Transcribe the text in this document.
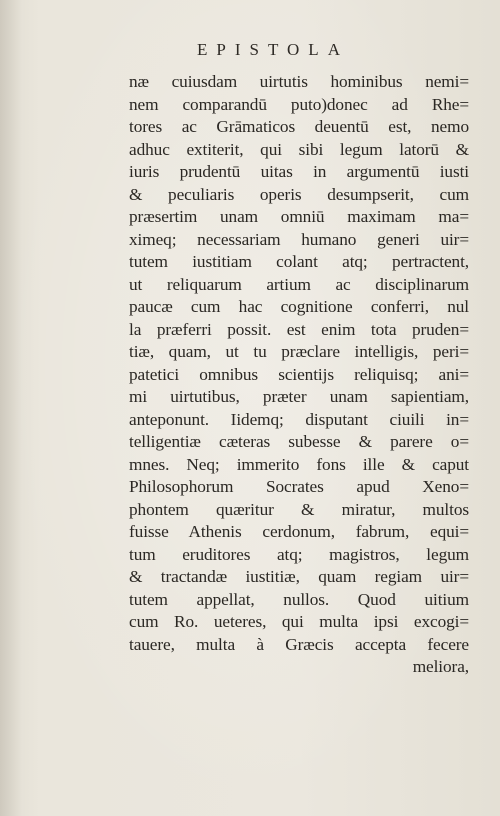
EPISTOLA
næ cuiusdam uirtutis hominibus nemi=
nem comparandū puto)donec ad Rhe=
tores ac Grāmaticos deuentū est, nemo
adhuc extiterit, qui sibi legum latorū &
iuris prudentū uitas in argumentū iusti
& peculiaris operis desumpserit, cum
præsertim unam omniū maximam ma=
ximeq; necessariam humano generi uir=
tutem iustitiam colant atq; pertractent,
ut reliquarum artium ac disciplinarum
paucæ cum hac cognitione conferri, nul
la præferri possit. est enim tota pruden=
tiæ, quam, ut tu præclare intelligis, peri=
patetici omnibus scientijs reliquisq; ani=
mi uirtutibus, præter unam sapientiam,
anteponunt. Iidemq; disputant ciuili in=
telligentiæ cæteras subesse & parere o=
mnes. Neq; immerito fons ille & caput
Philosophorum Socrates apud Xeno=
phontem quæritur & miratur, multos
fuisse Athenis cerdonum, fabrum, equi=
tum eruditores atq; magistros, legum
& tractandæ iustitiæ, quam regiam uir=
tutem appellat, nullos. Quod uitium
cum Ro. ueteres, qui multa ipsi excogi=
tauere, multa à Græcis accepta fecere
meliora,
